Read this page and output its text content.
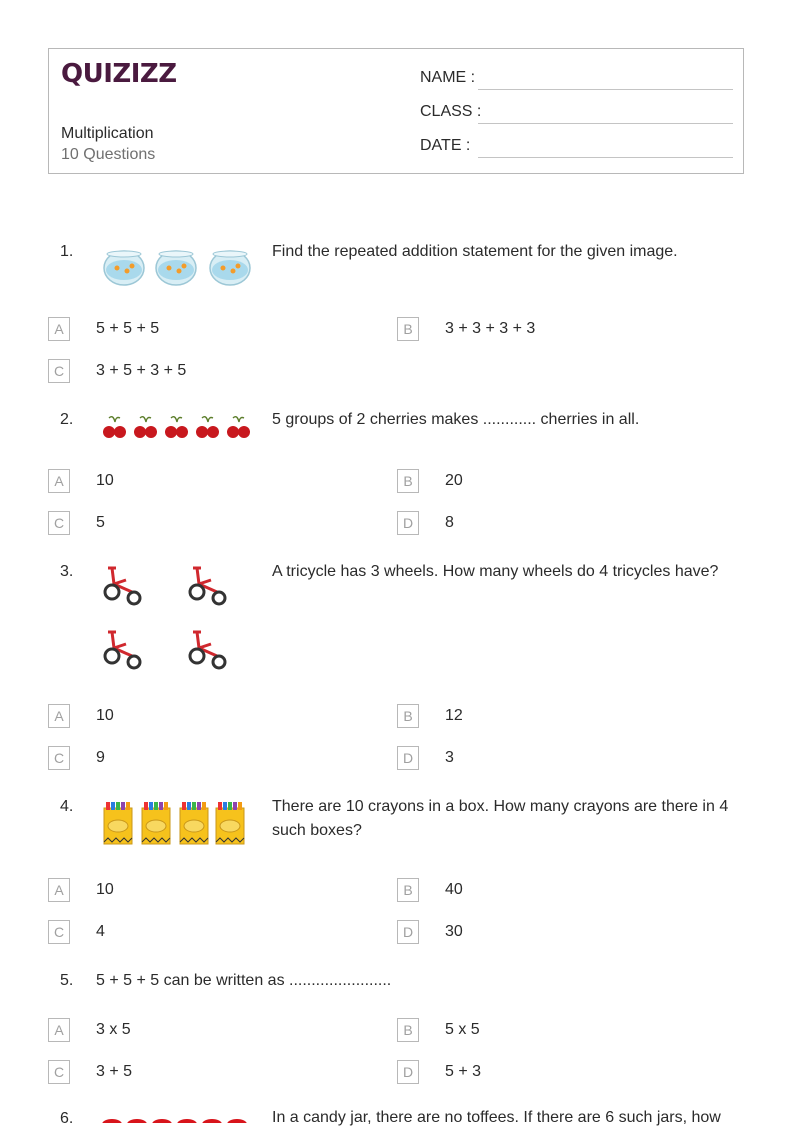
QUIZIZZ
Multiplication
10 Questions
NAME :
CLASS :
DATE :
1.	Find the repeated addition statement for the given image.
A	5 + 5 + 5	B	3 + 3 + 3 + 3
C	3 + 5 + 3 + 5
2.	5 groups of 2 cherries makes ............ cherries in all.
A	10	B	20
C	5	D	8
3.	A tricycle has 3 wheels. How many wheels do 4 tricycles have?
A	10	B	12
C	9	D	3
4.	There are 10 crayons in a box. How many crayons are there in 4 such boxes?
A	10	B	40
C	4	D	30
5. 5 + 5 + 5 can be written as .......................
A	3 x 5	B	5 x 5
C	3 + 5	D	5 + 3
6.	In a candy jar, there are no toffees. If there are 6 such jars, how
